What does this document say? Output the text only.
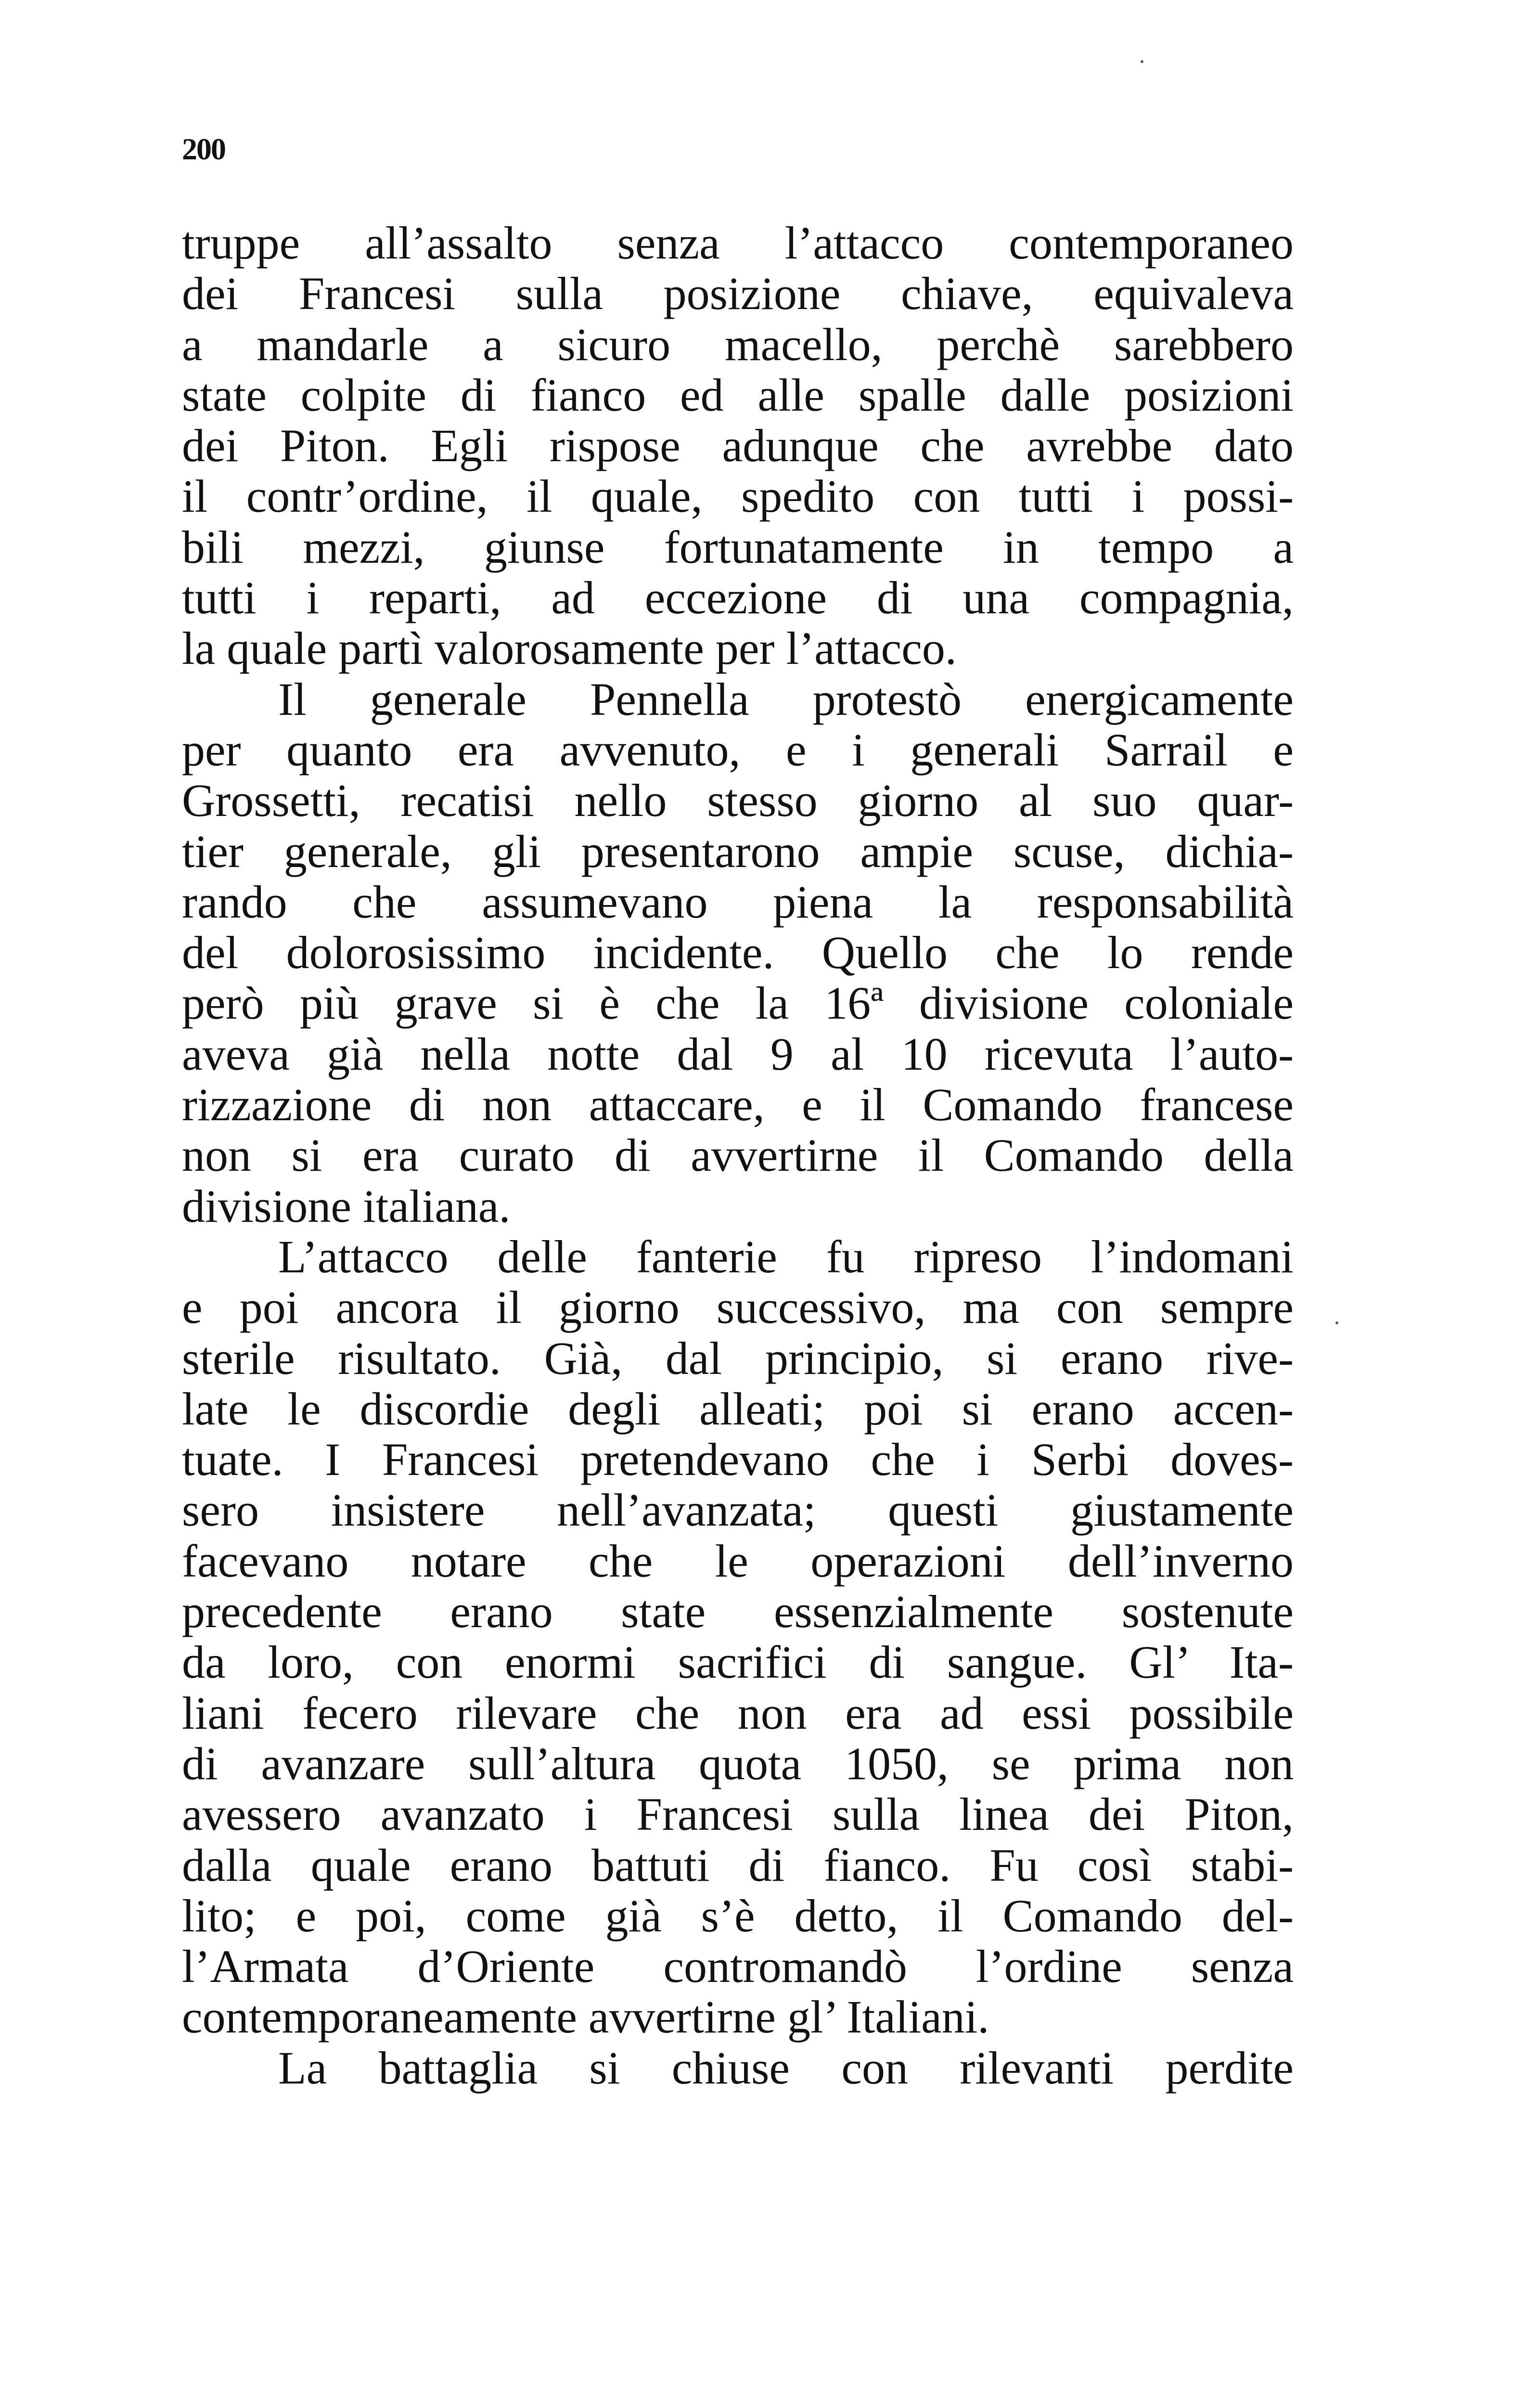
200
truppe all’assalto senza l’attacco contemporaneo
dei Francesi sulla posizione chiave, equivaleva
a mandarle a sicuro macello, perchè sarebbero
state colpite di fianco ed alle spalle dalle posizioni
dei Piton. Egli rispose adunque che avrebbe dato
il contr’ordine, il quale, spedito con tutti i possi-
bili mezzi, giunse fortunatamente in tempo a
tutti i reparti, ad eccezione di una compagnia,
la quale partì valorosamente per l’attacco.
Il generale Pennella protestò energicamente
per quanto era avvenuto, e i generali Sarrail e
Grossetti, recatisi nello stesso giorno al suo quar-
tier generale, gli presentarono ampie scuse, dichia-
rando che assumevano piena la responsabilità
del dolorosissimo incidente. Quello che lo rende
però più grave si è che la 16ª divisione coloniale
aveva già nella notte dal 9 al 10 ricevuta l’auto-
rizzazione di non attaccare, e il Comando francese
non si era curato di avvertirne il Comando della
divisione italiana.
L’attacco delle fanterie fu ripreso l’indomani
e poi ancora il giorno successivo, ma con sempre
sterile risultato. Già, dal principio, si erano rive-
late le discordie degli alleati; poi si erano accen-
tuate. I Francesi pretendevano che i Serbi doves-
sero insistere nell’avanzata; questi giustamente
facevano notare che le operazioni dell’inverno
precedente erano state essenzialmente sostenute
da loro, con enormi sacrifici di sangue. Gl’ Ita-
liani fecero rilevare che non era ad essi possibile
di avanzare sull’altura quota 1050, se prima non
avessero avanzato i Francesi sulla linea dei Piton,
dalla quale erano battuti di fianco. Fu così stabi-
lito; e poi, come già s’è detto, il Comando del-
l’Armata d’Oriente contromandò l’ordine senza
contemporaneamente avvertirne gl’ Italiani.
La battaglia si chiuse con rilevanti perdite
